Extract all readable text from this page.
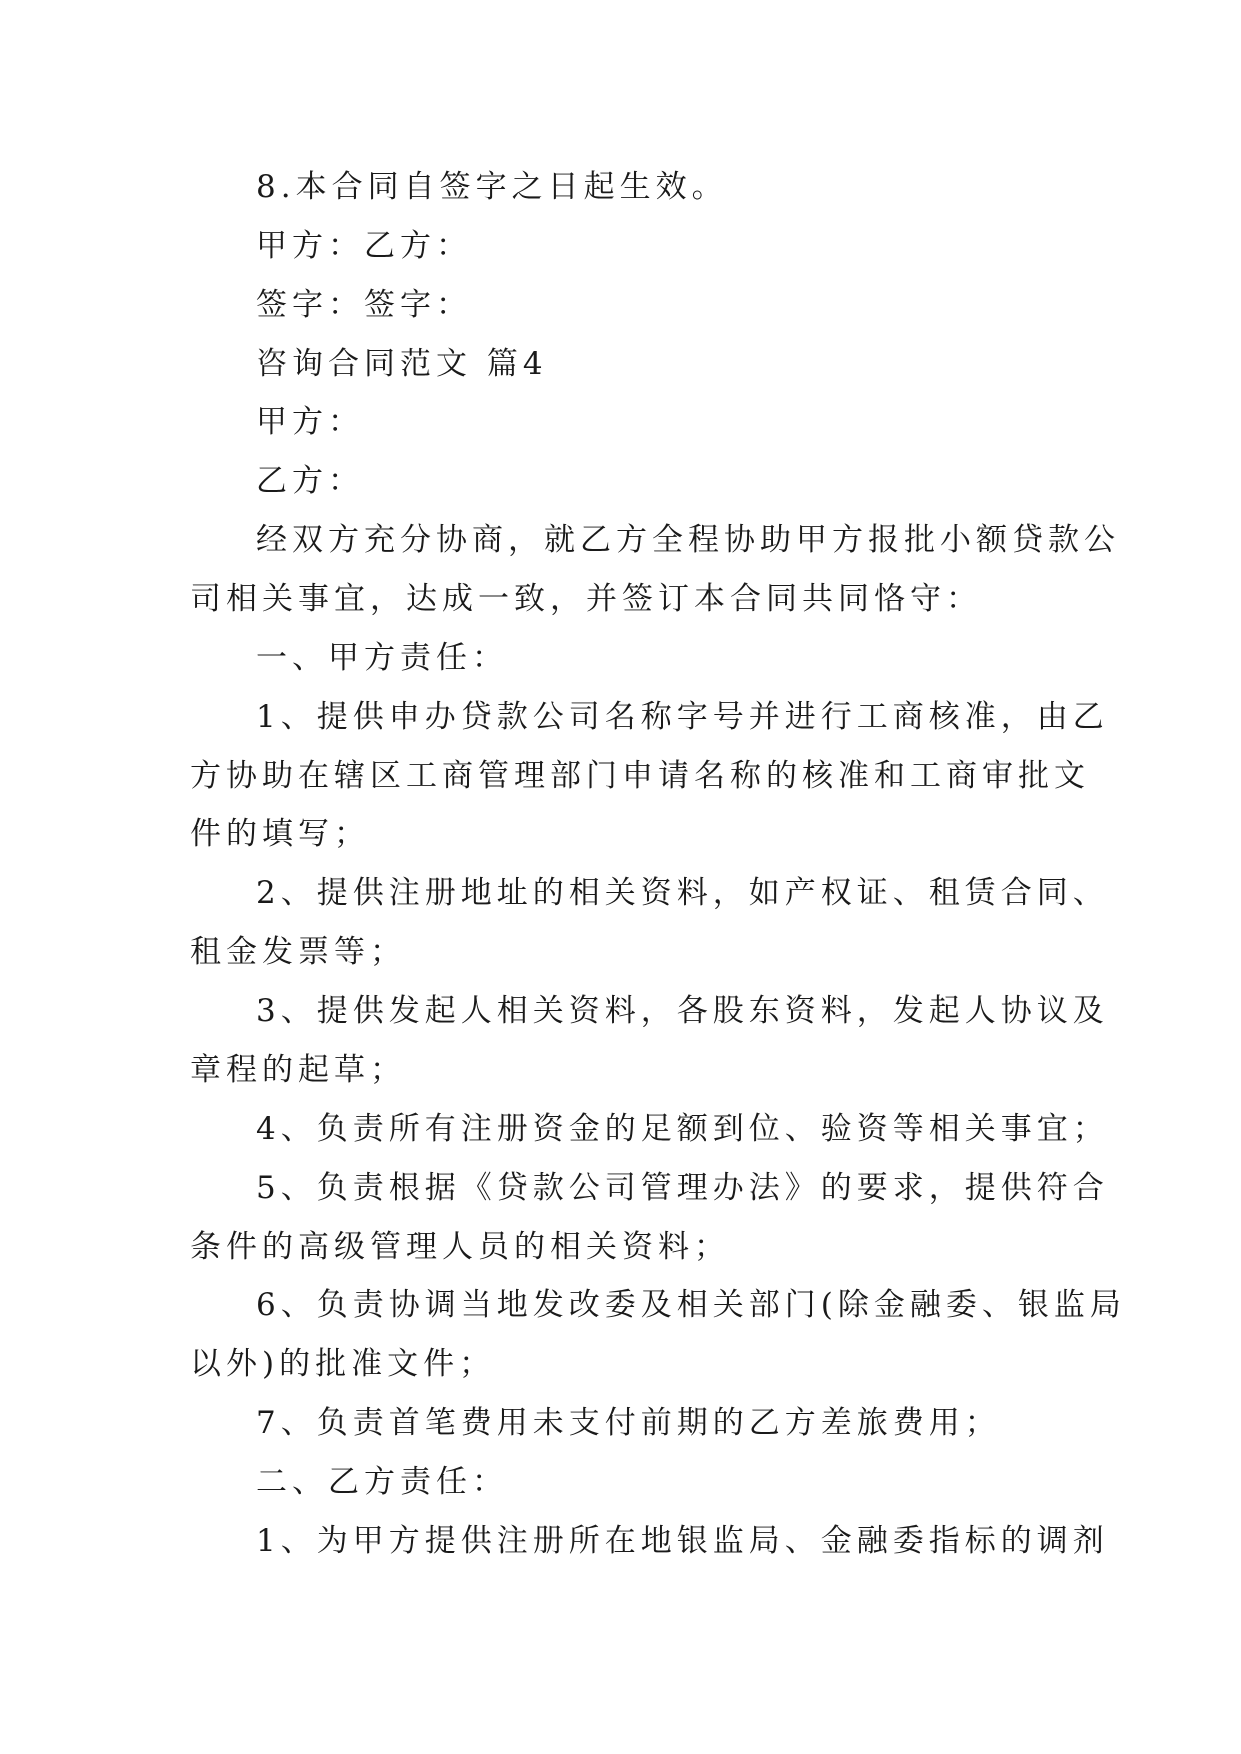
8.本合同自签字之日起生效。
甲方：乙方：
签字：签字：
咨询合同范文 篇4
甲方：
乙方：
经双方充分协商，就乙方全程协助甲方报批小额贷款公
司相关事宜，达成一致，并签订本合同共同恪守：
一、甲方责任：
1、提供申办贷款公司名称字号并进行工商核准，由乙
方协助在辖区工商管理部门申请名称的核准和工商审批文
件的填写；
2、提供注册地址的相关资料，如产权证、租赁合同、
租金发票等；
3、提供发起人相关资料，各股东资料，发起人协议及
章程的起草；
4、负责所有注册资金的足额到位、验资等相关事宜；
5、负责根据《贷款公司管理办法》的要求，提供符合
条件的高级管理人员的相关资料；
6、负责协调当地发改委及相关部门(除金融委、银监局
以外)的批准文件；
7、负责首笔费用未支付前期的乙方差旅费用；
二、乙方责任：
1、为甲方提供注册所在地银监局、金融委指标的调剂
